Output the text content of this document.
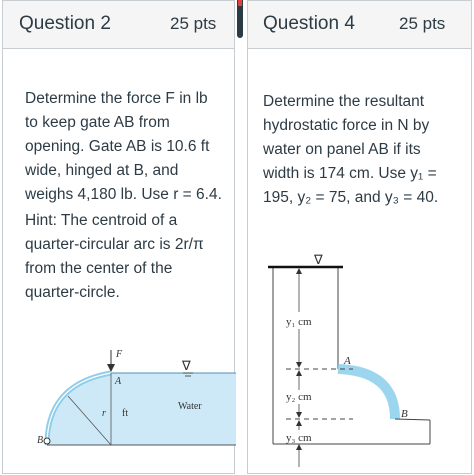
Question 2	25 pts
Determine the force F in lb
to keep gate AB from
opening. Gate AB is 10.6 ft
wide, hinged at B, and
weighs 4,180 lb. Use r = 6.4.
Hint: The centroid of a
quarter-circular arc is 2r/π
from the center of the
quarter-circle.
∇
F
A
B
r ft
Water
Question 4	25 pts
Determine the resultant
hydrostatic force in N by
water on panel AB if its
width is 174 cm. Use y₁ =
195, y₂ = 75, and y₃ = 40.
∇
y₁ cm
y₂ cm
y₃ cm
A
B
